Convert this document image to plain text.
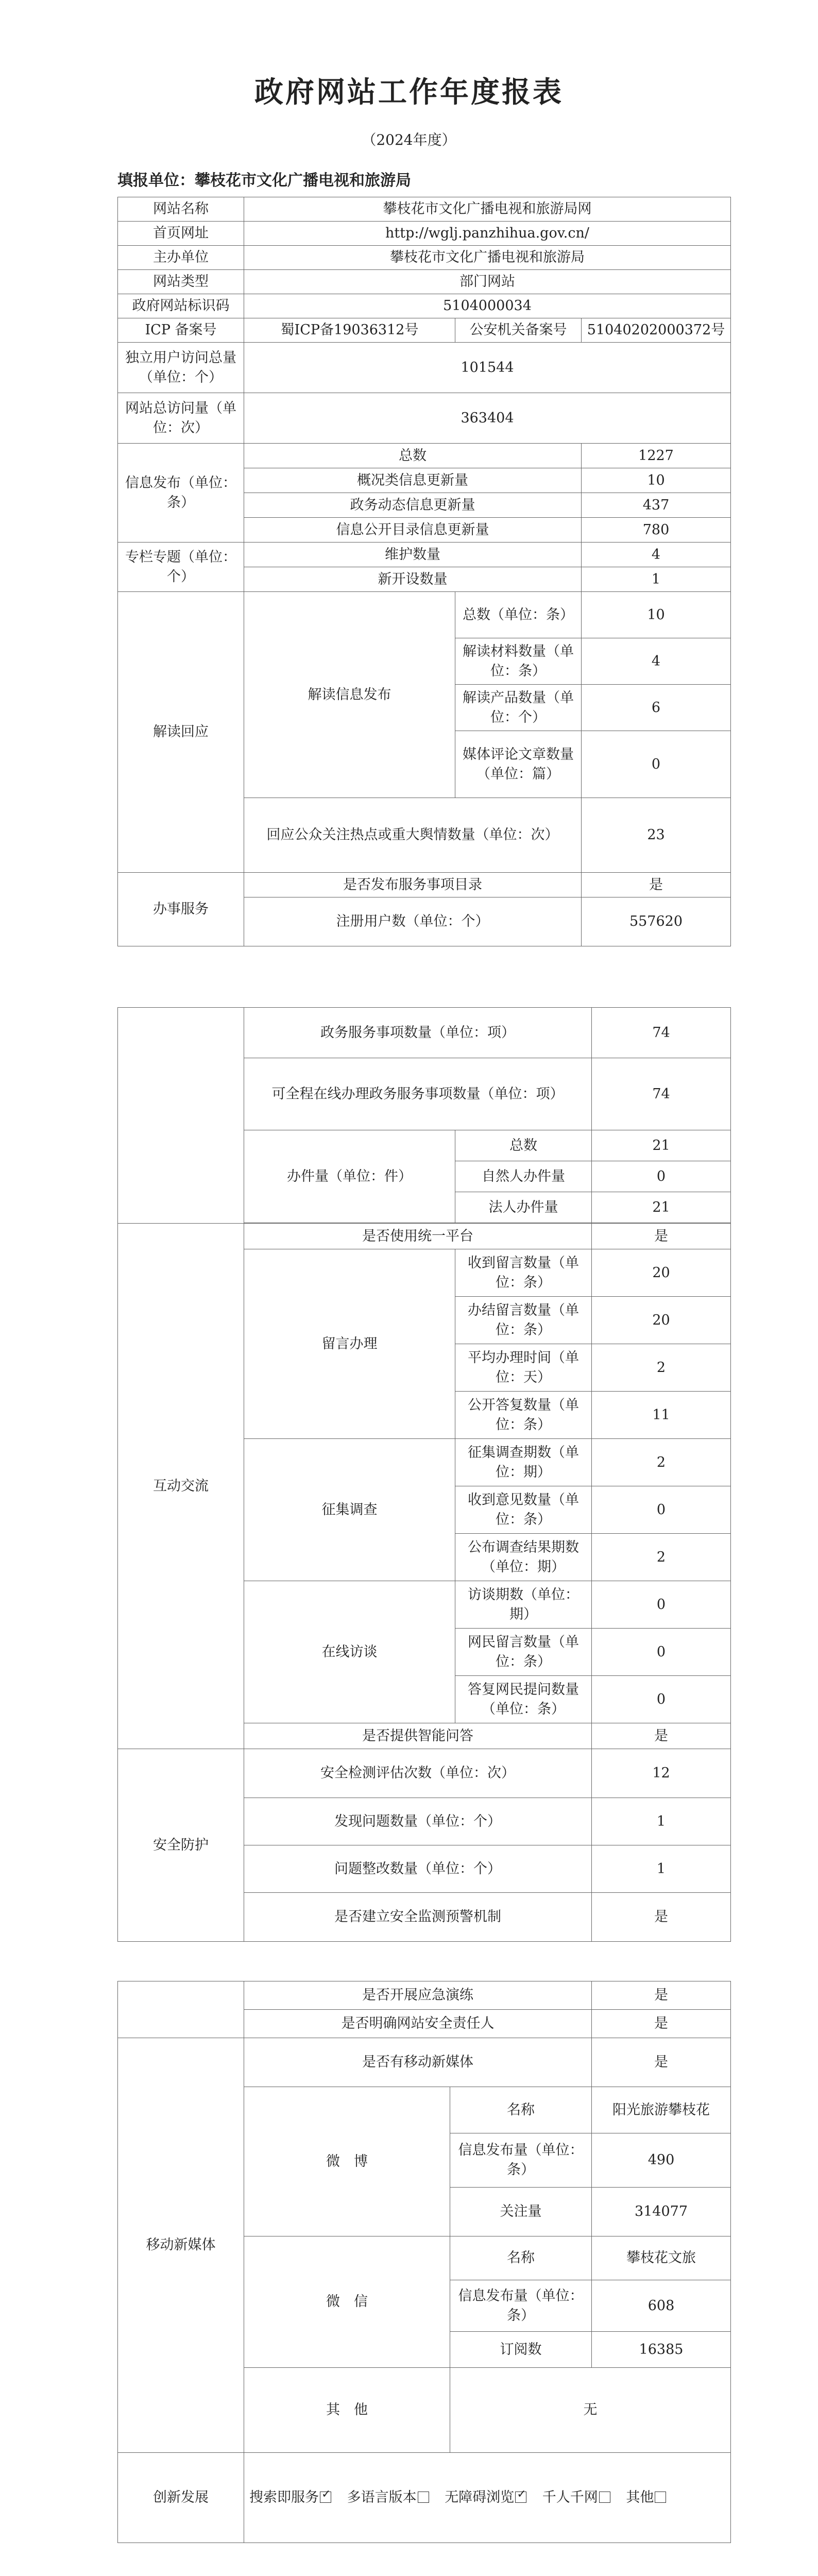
政府网站工作年度报表
（2024年度）
填报单位：攀枝花市文化广播电视和旅游局
网站名称	攀枝花市文化广播电视和旅游局网		
首页网址	http://wglj.panzhihua.gov.cn/		
主办单位	攀枝花市文化广播电视和旅游局		
网站类型	部门网站		
政府网站标识码	5104000034		
ICP 备案号	蜀ICP备19036312号	公安机关备案号	51040202000372号
独立用户访问总量（单位：个）	101544		
网站总访问量（单位：次）	363404		
信息发布（单位：条）	总数		1227
	概况类信息更新量		10
	政务动态信息更新量		437
	信息公开目录信息更新量		780
专栏专题（单位：个）	维护数量		4
	新开设数量		1
解读回应	解读信息发布	总数（单位：条）	10
		解读材料数量（单位：条）	4
		解读产品数量（单位：个）	6
		媒体评论文章数量（单位：篇）	0
	回应公众关注热点或重大舆情数量（单位：次）		23
办事服务	是否发布服务事项目录		是
	注册用户数（单位：个）		557620
	政务服务事项数量（单位：项）		74
	可全程在线办理政务服务事项数量（单位：项）		74
	办件量（单位：件）	总数	21
		自然人办件量	0
		法人办件量	21

互动交流	是否使用统一平台		是
	留言办理	收到留言数量（单位：条）	20
		办结留言数量（单位：条）	20
		平均办理时间（单位：天）	2
		公开答复数量（单位：条）	11
	征集调查	征集调查期数（单位：期）	2
		收到意见数量（单位：条）	0
		公布调查结果期数（单位：期）	2
	在线访谈	访谈期数（单位：期）	0
		网民留言数量（单位：条）	0
		答复网民提问数量（单位：条）	0
	是否提供智能问答		是
安全防护	安全检测评估次数（单位：次）		12
	发现问题数量（单位：个）		1
	问题整改数量（单位：个）		1
	是否建立安全监测预警机制		是
	是否开展应急演练		是
	是否明确网站安全责任人		是
移动新媒体	是否有移动新媒体		是
	微　博	名称	阳光旅游攀枝花
		信息发布量（单位：条）	490
		关注量	314077
	微　信	名称	攀枝花文旅
		信息发布量（单位：条）	608
		订阅数	16385
	其　他	无	
创新发展	搜索即服务 ✓ 多语言版本 无障碍浏览 ✓ 千人千网 其他
